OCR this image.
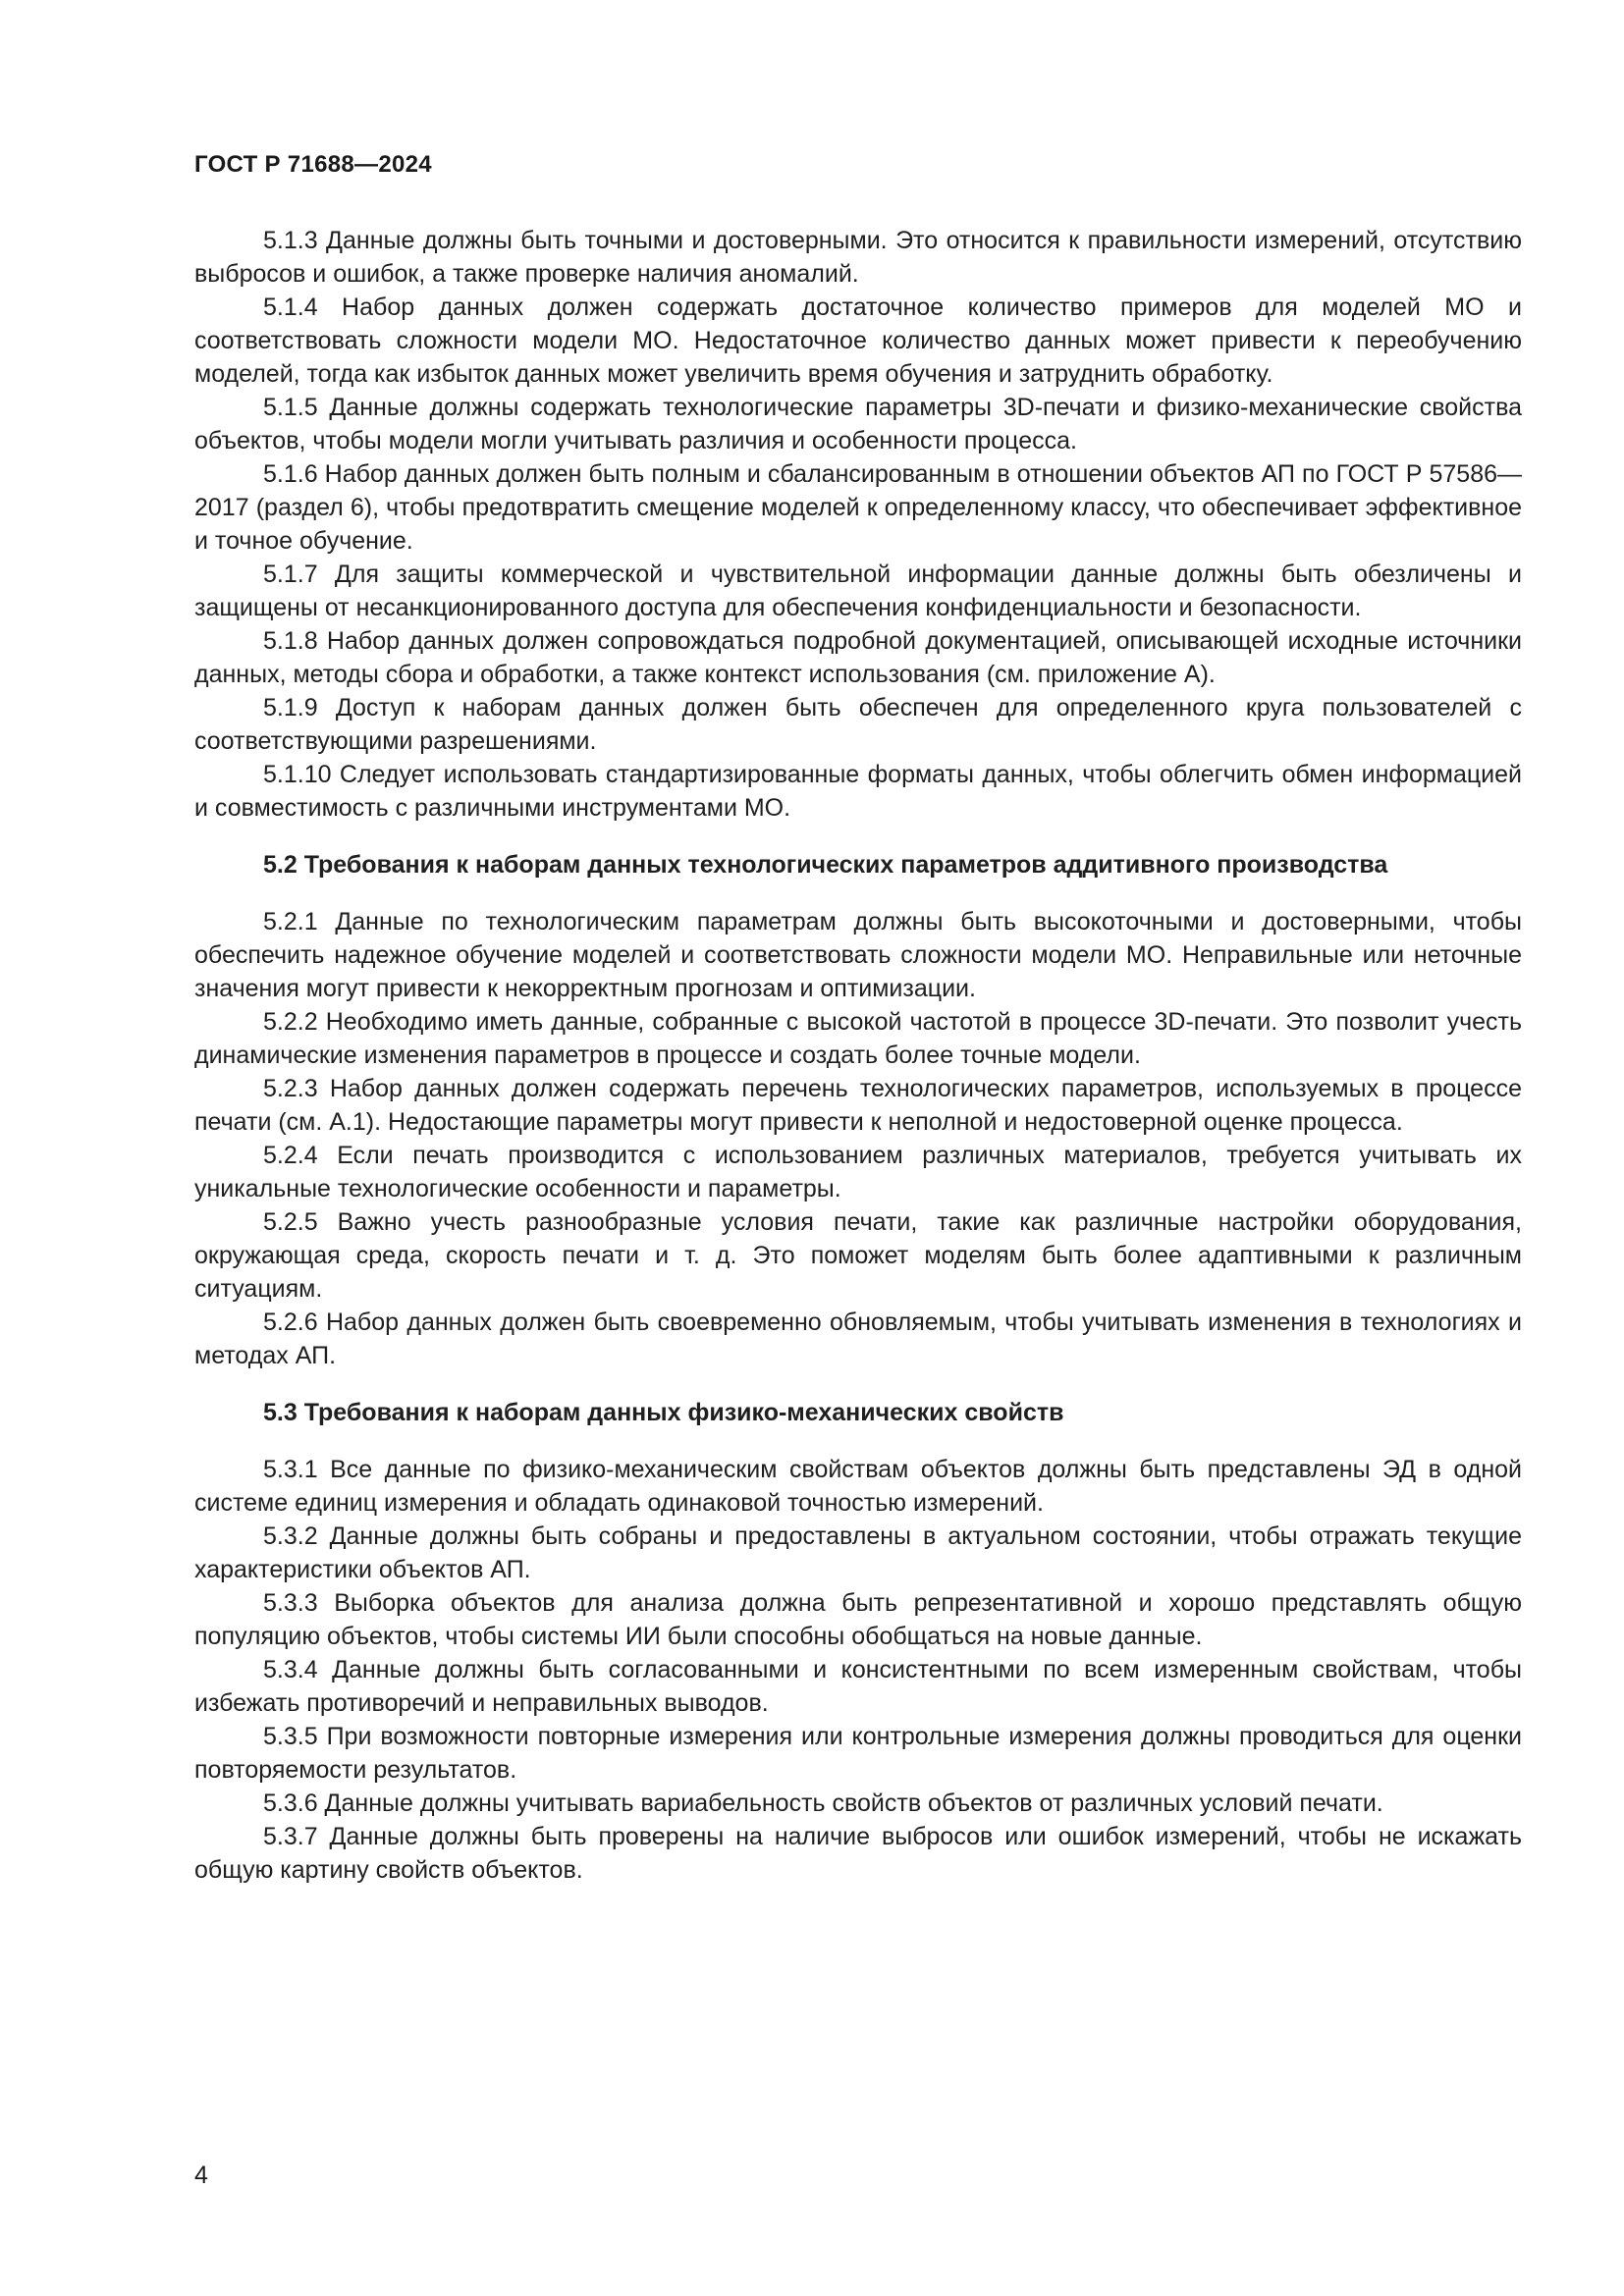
ГОСТ Р 71688—2024

5.1.3 Данные должны быть точными и достоверными. Это относится к правильности измерений, отсутствию выбросов и ошибок, а также проверке наличия аномалий.

5.1.4 Набор данных должен содержать достаточное количество примеров для моделей МО и соответствовать сложности модели МО. Недостаточное количество данных может привести к переобучению моделей, тогда как избыток данных может увеличить время обучения и затруднить обработку.

5.1.5 Данные должны содержать технологические параметры 3D-печати и физико-механические свойства объектов, чтобы модели могли учитывать различия и особенности процесса.

5.1.6 Набор данных должен быть полным и сбалансированным в отношении объектов АП по ГОСТ Р 57586—2017 (раздел 6), чтобы предотвратить смещение моделей к определенному классу, что обеспечивает эффективное и точное обучение.

5.1.7 Для защиты коммерческой и чувствительной информации данные должны быть обезличены и защищены от несанкционированного доступа для обеспечения конфиденциальности и безопасности.

5.1.8 Набор данных должен сопровождаться подробной документацией, описывающей исходные источники данных, методы сбора и обработки, а также контекст использования (см. приложение А).

5.1.9 Доступ к наборам данных должен быть обеспечен для определенного круга пользователей с соответствующими разрешениями.

5.1.10 Следует использовать стандартизированные форматы данных, чтобы облегчить обмен информацией и совместимость с различными инструментами МО.

5.2 Требования к наборам данных технологических параметров аддитивного производства

5.2.1 Данные по технологическим параметрам должны быть высокоточными и достоверными, чтобы обеспечить надежное обучение моделей и соответствовать сложности модели МО. Неправильные или неточные значения могут привести к некорректным прогнозам и оптимизации.

5.2.2 Необходимо иметь данные, собранные с высокой частотой в процессе 3D-печати. Это позволит учесть динамические изменения параметров в процессе и создать более точные модели.

5.2.3 Набор данных должен содержать перечень технологических параметров, используемых в процессе печати (см. А.1). Недостающие параметры могут привести к неполной и недостоверной оценке процесса.

5.2.4 Если печать производится с использованием различных материалов, требуется учитывать их уникальные технологические особенности и параметры.

5.2.5 Важно учесть разнообразные условия печати, такие как различные настройки оборудования, окружающая среда, скорость печати и т. д. Это поможет моделям быть более адаптивными к различным ситуациям.

5.2.6 Набор данных должен быть своевременно обновляемым, чтобы учитывать изменения в технологиях и методах АП.

5.3 Требования к наборам данных физико-механических свойств

5.3.1 Все данные по физико-механическим свойствам объектов должны быть представлены ЭД в одной системе единиц измерения и обладать одинаковой точностью измерений.

5.3.2 Данные должны быть собраны и предоставлены в актуальном состоянии, чтобы отражать текущие характеристики объектов АП.

5.3.3 Выборка объектов для анализа должна быть репрезентативной и хорошо представлять общую популяцию объектов, чтобы системы ИИ были способны обобщаться на новые данные.

5.3.4 Данные должны быть согласованными и консистентными по всем измеренным свойствам, чтобы избежать противоречий и неправильных выводов.

5.3.5 При возможности повторные измерения или контрольные измерения должны проводиться для оценки повторяемости результатов.

5.3.6 Данные должны учитывать вариабельность свойств объектов от различных условий печати.

5.3.7 Данные должны быть проверены на наличие выбросов или ошибок измерений, чтобы не искажать общую картину свойств объектов.

4
